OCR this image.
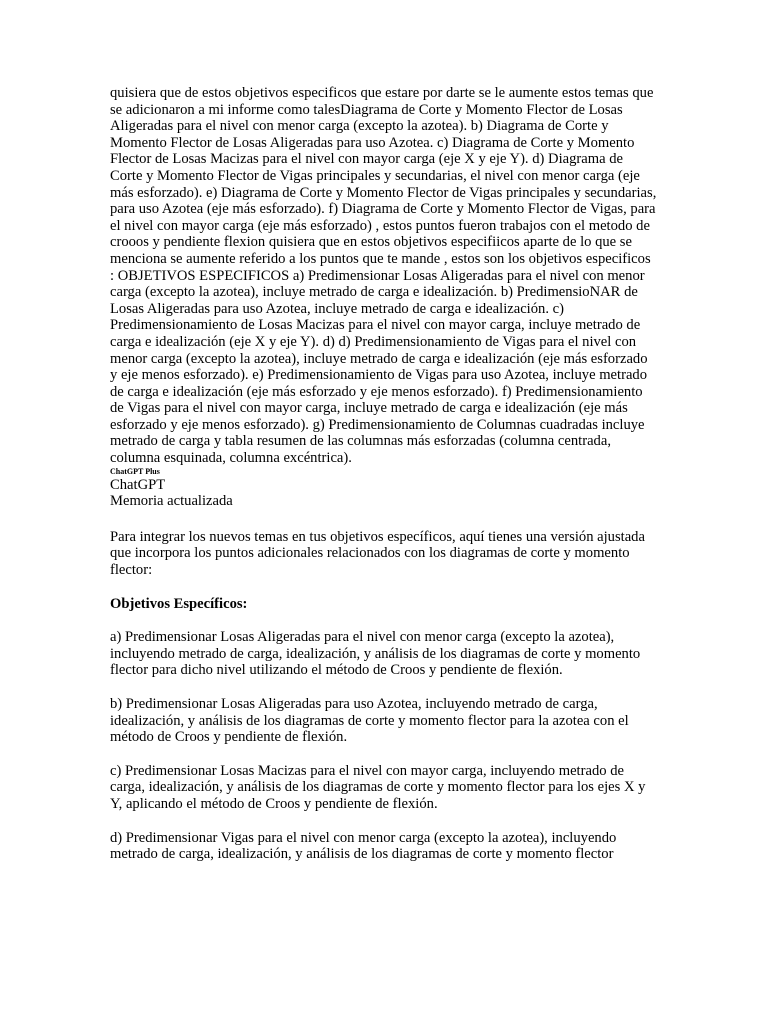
quisiera que de estos objetivos especificos que estare por darte se le aumente estos temas que se adicionaron a mi informe como talesDiagrama de Corte y Momento Flector de Losas Aligeradas para el nivel con menor carga (excepto la azotea). b) Diagrama de Corte y Momento Flector de Losas Aligeradas para uso Azotea. c) Diagrama de Corte y Momento Flector de Losas Macizas para el nivel con mayor carga (eje X y eje Y). d) Diagrama de Corte y Momento Flector de Vigas principales y secundarias, el nivel con menor carga (eje más esforzado). e) Diagrama de Corte y Momento Flector de Vigas principales y secundarias, para uso Azotea (eje más esforzado). f) Diagrama de Corte y Momento Flector de Vigas, para el nivel con mayor carga (eje más esforzado) , estos puntos fueron trabajos con el metodo de crooos y pendiente flexion quisiera que en estos objetivos especifiicos aparte de lo que se menciona se aumente referido a los puntos que te mande , estos son los objetivos especificos : OBJETIVOS ESPECIFICOS a) Predimensionar Losas Aligeradas para el nivel con menor carga (excepto la azotea), incluye metrado de carga e idealización. b) PredimensioNAR de Losas Aligeradas para uso Azotea, incluye metrado de carga e idealización. c) Predimensionamiento de Losas Macizas para el nivel con mayor carga, incluye metrado de carga e idealización (eje X y eje Y). d) d) Predimensionamiento de Vigas para el nivel con menor carga (excepto la azotea), incluye metrado de carga e idealización (eje más esforzado y eje menos esforzado). e) Predimensionamiento de Vigas para uso Azotea, incluye metrado de carga e idealización (eje más esforzado y eje menos esforzado). f) Predimensionamiento de Vigas para el nivel con mayor carga, incluye metrado de carga e idealización (eje más esforzado y eje menos esforzado). g) Predimensionamiento de Columnas cuadradas incluye metrado de carga y tabla resumen de las columnas más esforzadas (columna centrada, columna esquinada, columna excéntrica).

ChatGPT Plus

ChatGPT
Memoria actualizada

Para integrar los nuevos temas en tus objetivos específicos, aquí tienes una versión ajustada que incorpora los puntos adicionales relacionados con los diagramas de corte y momento flector:

Objetivos Específicos:

a) Predimensionar Losas Aligeradas para el nivel con menor carga (excepto la azotea), incluyendo metrado de carga, idealización, y análisis de los diagramas de corte y momento flector para dicho nivel utilizando el método de Croos y pendiente de flexión.

b) Predimensionar Losas Aligeradas para uso Azotea, incluyendo metrado de carga, idealización, y análisis de los diagramas de corte y momento flector para la azotea con el método de Croos y pendiente de flexión.

c) Predimensionar Losas Macizas para el nivel con mayor carga, incluyendo metrado de carga, idealización, y análisis de los diagramas de corte y momento flector para los ejes X y Y, aplicando el método de Croos y pendiente de flexión.

d) Predimensionar Vigas para el nivel con menor carga (excepto la azotea), incluyendo metrado de carga, idealización, y análisis de los diagramas de corte y momento flector
